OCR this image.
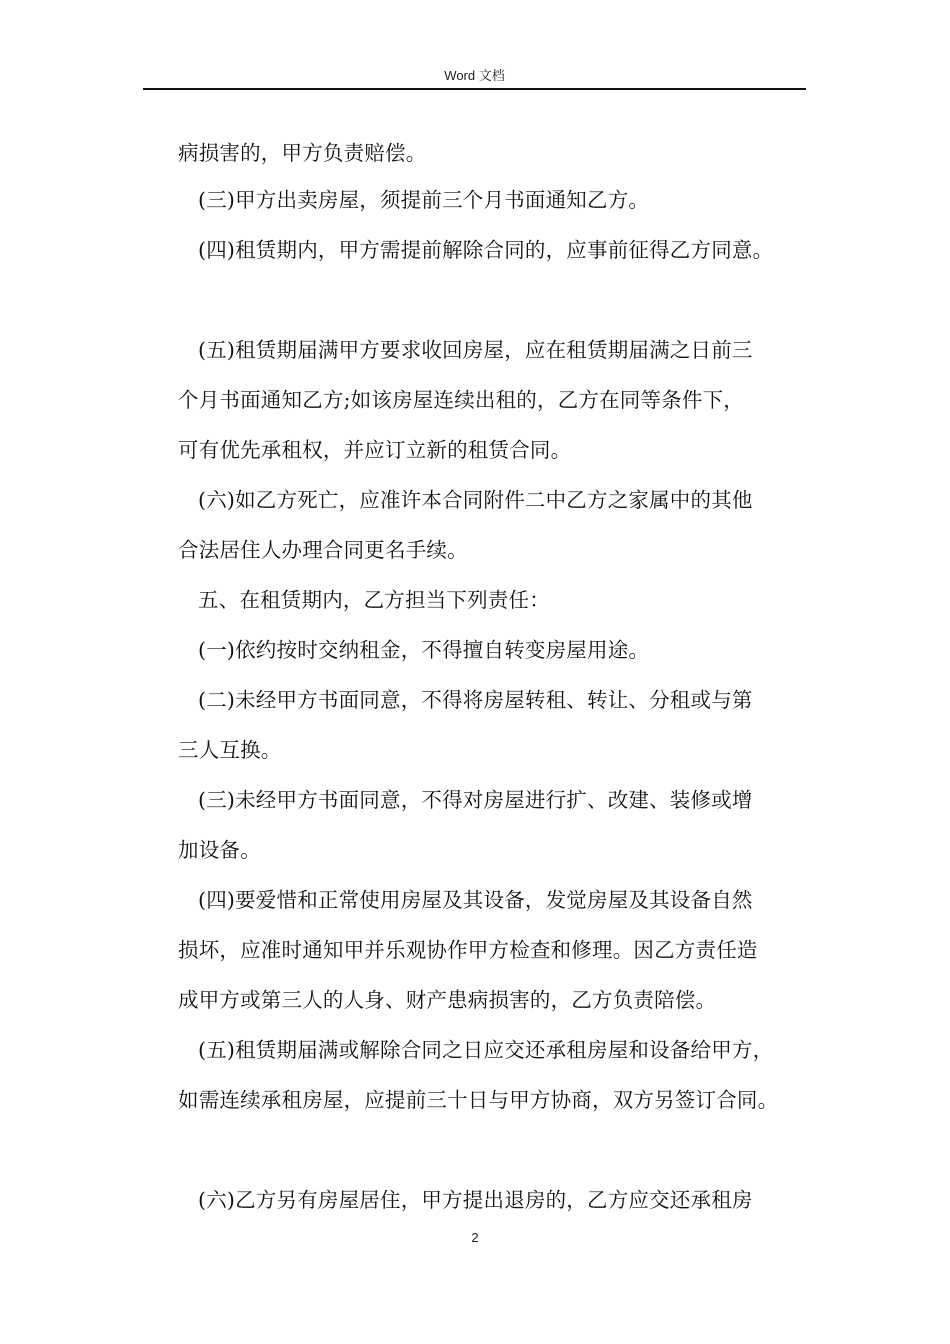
Word 文档
病损害的，甲方负责赔偿。
(三)甲方出卖房屋，须提前三个月书面通知乙方。
(四)租赁期内，甲方需提前解除合同的，应事前征得乙方同意。
(五)租赁期届满甲方要求收回房屋，应在租赁期届满之日前三
个月书面通知乙方;如该房屋连续出租的，乙方在同等条件下，
可有优先承租权，并应订立新的租赁合同。
(六)如乙方死亡，应准许本合同附件二中乙方之家属中的其他
合法居住人办理合同更名手续。
五、在租赁期内，乙方担当下列责任：
(一)依约按时交纳租金，不得擅自转变房屋用途。
(二)未经甲方书面同意，不得将房屋转租、转让、分租或与第
三人互换。
(三)未经甲方书面同意，不得对房屋进行扩、改建、装修或增
加设备。
(四)要爱惜和正常使用房屋及其设备，发觉房屋及其设备自然
损坏，应准时通知甲并乐观协作甲方检查和修理。因乙方责任造
成甲方或第三人的人身、财产患病损害的，乙方负责陪偿。
(五)租赁期届满或解除合同之日应交还承租房屋和设备给甲方，
如需连续承租房屋，应提前三十日与甲方协商，双方另签订合同。
(六)乙方另有房屋居住，甲方提出退房的，乙方应交还承租房
2
